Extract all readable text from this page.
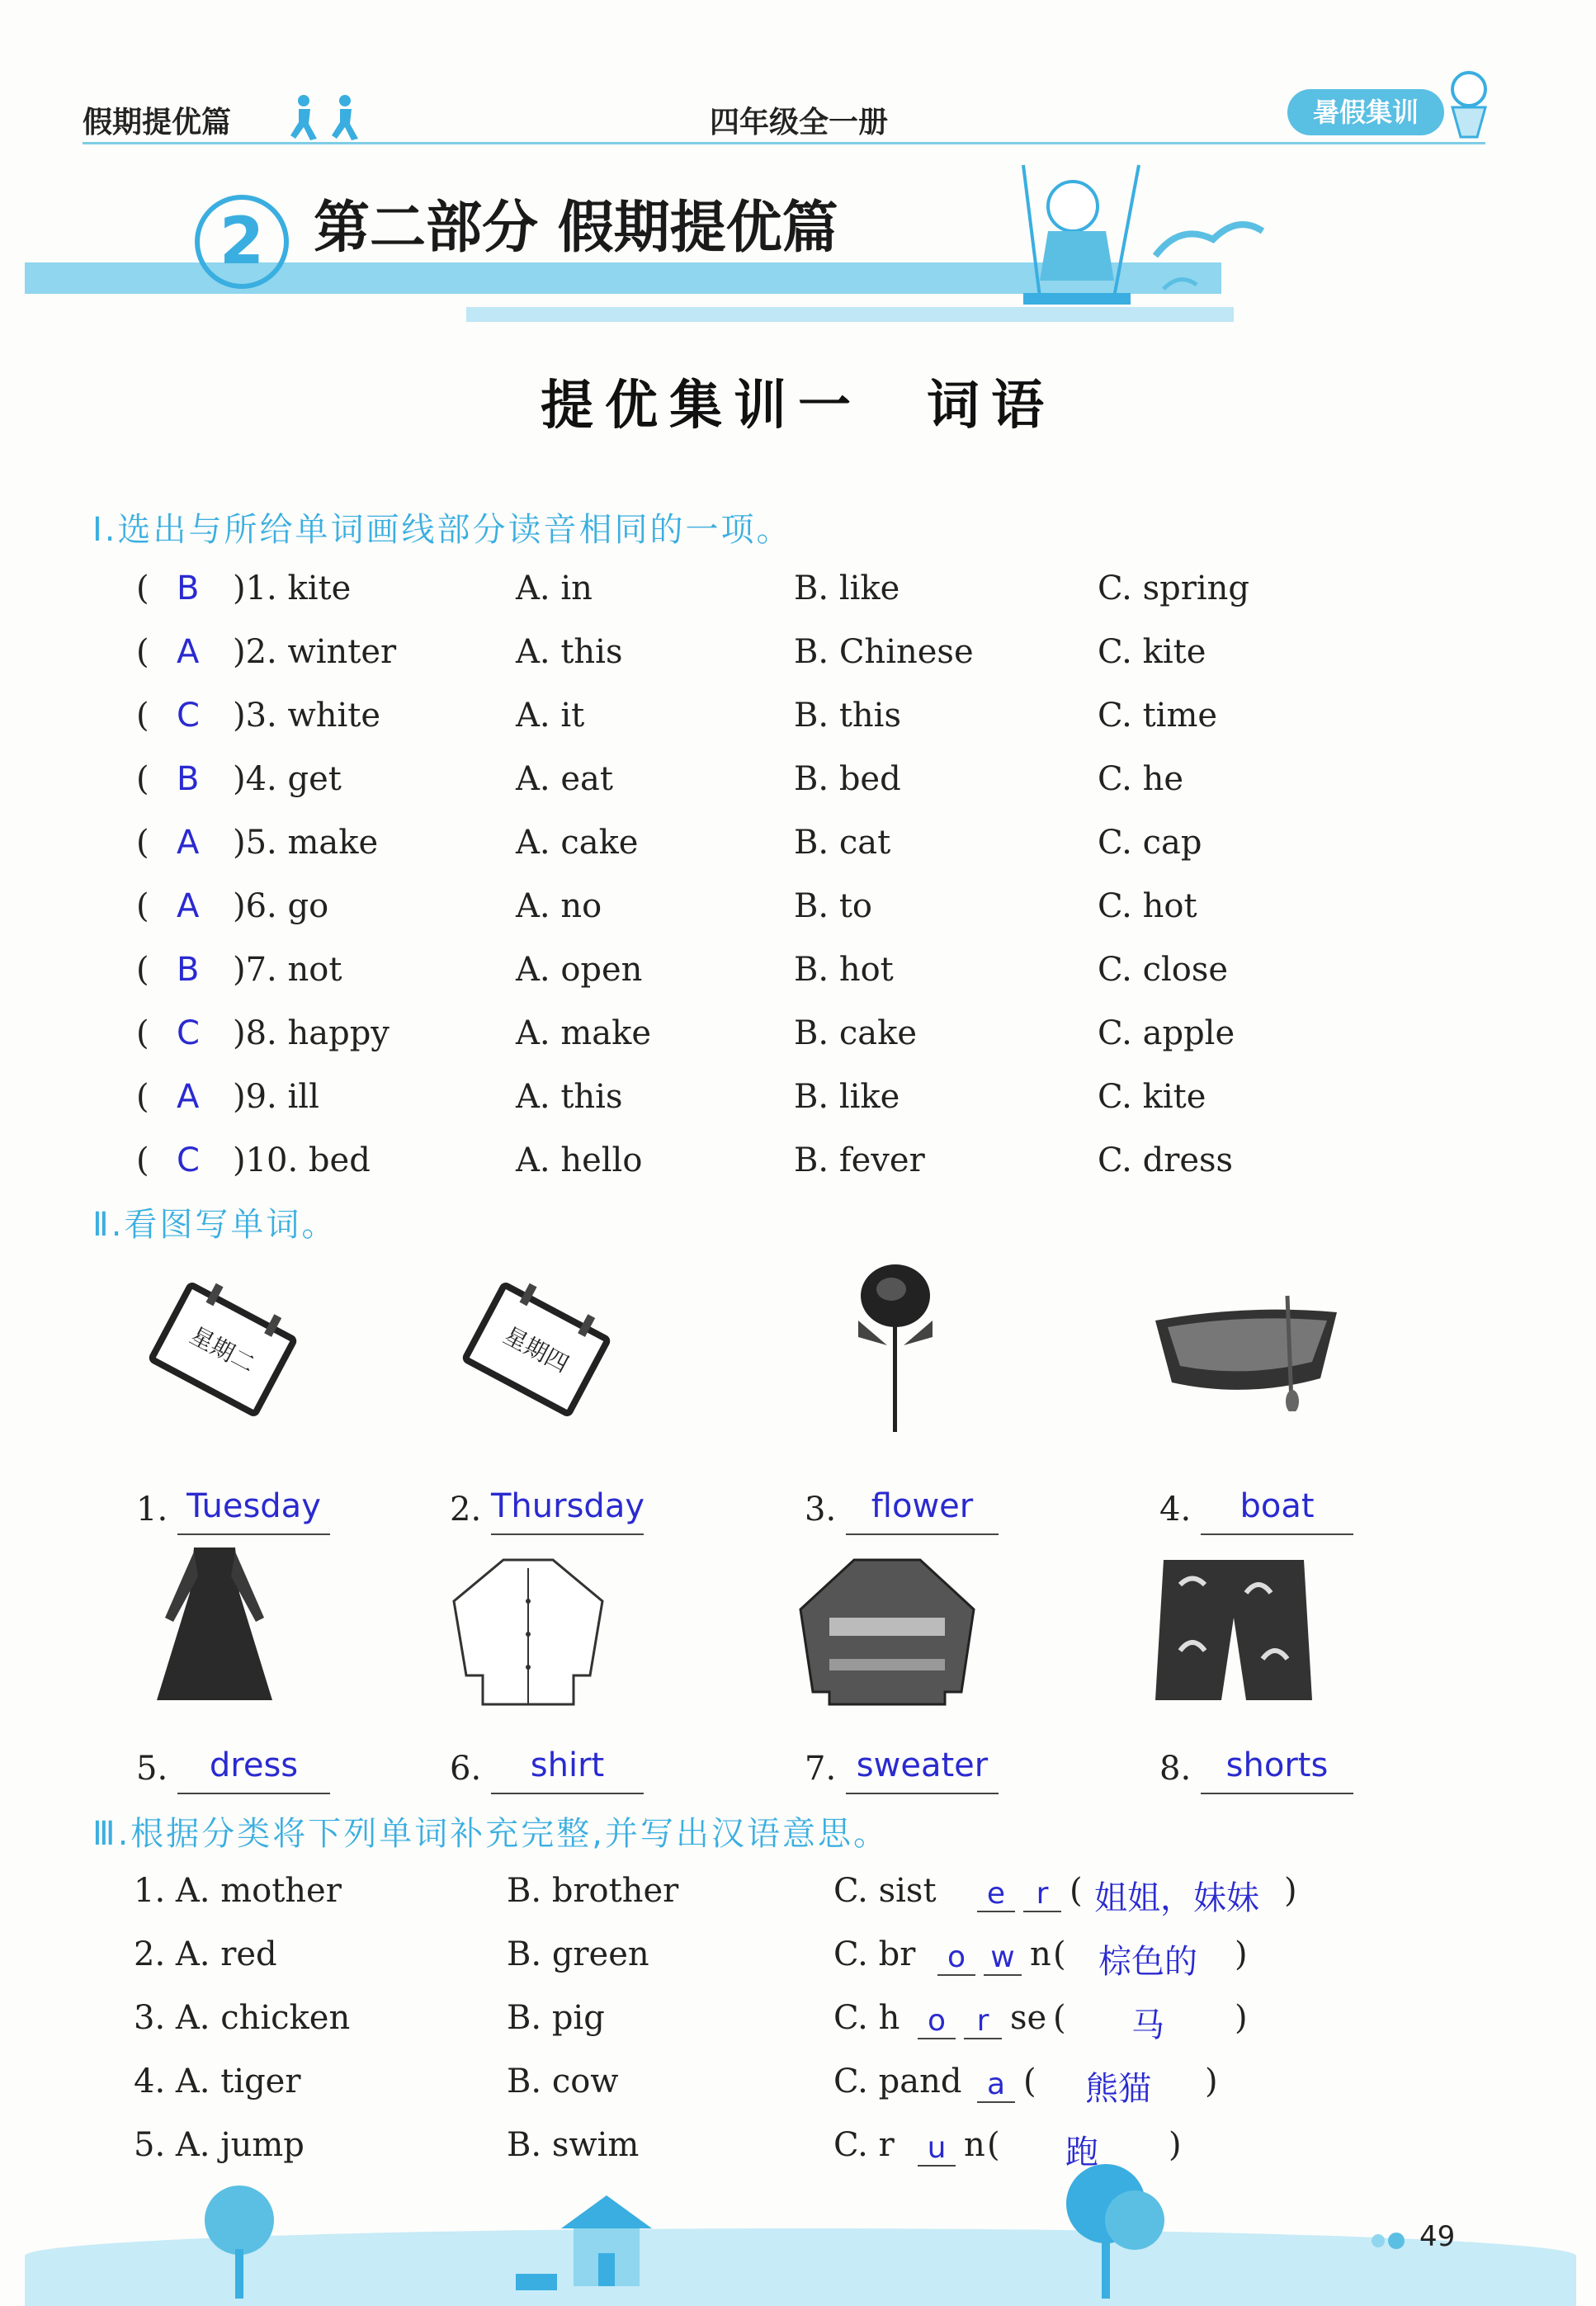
假期提优篇	四年级全一册	暑假集训
2 第二部分 假期提优篇
提优集训一　词语
Ⅰ.选出与所给单词画线部分读音相同的一项。
( B )1. kite	A. in	B. like	C. spring
( A )2. winter	A. this	B. Chinese	C. kite
( C )3. white	A. it	B. this	C. time
( B )4. get	A. eat	B. bed	C. he
( A )5. make	A. cake	B. cat	C. cap
( A )6. go	A. no	B. to	C. hot
( B )7. not	A. open	B. hot	C. close
( C )8. happy	A. make	B. cake	C. apple
( A )9. ill	A. this	B. like	C. kite
( C )10. bed	A. hello	B. fever	C. dress
Ⅱ.看图写单词。
星期二	星期四
1. Tuesday	2. Thursday	3.	flower	4.	boat
5.	dress	6.	shirt	7. sweater	8.	shorts
Ⅲ.根据分类将下列单词补充完整,并写出汉语意思。
1. A. mother	B. brother	C. sist	e	r ( 姐姐，妹妹 )
2. A. red	B. green	C. br	o w n ( 棕色的	)
3. A. chicken	B. pig	C. h o	r se (	马	)
4. A. tiger	B. cow	C. pand a (	熊猫	)
5. A. jump	B. swim	C. r	u n (	跑	)
49
